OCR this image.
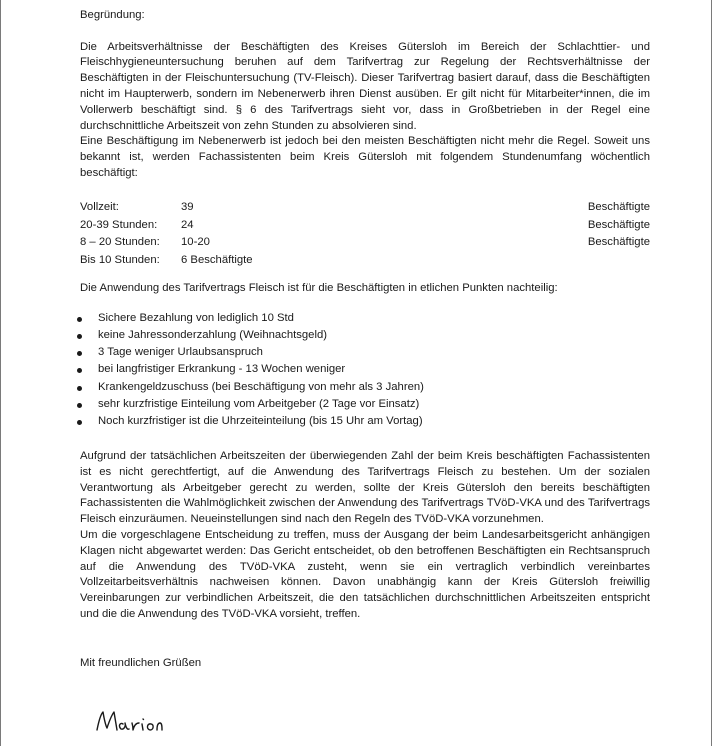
Begründung:

Die Arbeitsverhältnisse der Beschäftigten des Kreises Gütersloh im Bereich der Schlachttier- und Fleischhygieneuntersuchung beruhen auf dem Tarifvertrag zur Regelung der Rechtsverhältnisse der Beschäftigten in der Fleischuntersuchung (TV-Fleisch). Dieser Tarifvertrag basiert darauf, dass die Beschäftigten nicht im Haupterwerb, sondern im Nebenerwerb ihren Dienst ausüben. Er gilt nicht für Mitarbeiter*innen, die im Vollerwerb beschäftigt sind. § 6 des Tarifvertrags sieht vor, dass in Großbetrieben in der Regel eine durchschnittliche Arbeitszeit von zehn Stunden zu absolvieren sind.

Eine Beschäftigung im Nebenerwerb ist jedoch bei den meisten Beschäftigten nicht mehr die Regel. Soweit uns bekannt ist, werden Fachassistenten beim Kreis Gütersloh mit folgendem Stundenumfang wöchentlich beschäftigt:

Vollzeit:	39	Beschäftigte
20-39 Stunden: 24	Beschäftigte
8 – 20 Stunden: 10-20	Beschäftigte
Bis 10 Stunden: 6 Beschäftigte

Die Anwendung des Tarifvertrags Fleisch ist für die Beschäftigten in etlichen Punkten nachteilig:

Sichere Bezahlung von lediglich 10 Std
keine Jahressonderzahlung (Weihnachtsgeld)
3 Tage weniger Urlaubsanspruch
bei langfristiger Erkrankung - 13 Wochen weniger
Krankengeldzuschuss (bei Beschäftigung von mehr als 3 Jahren)
sehr kurzfristige Einteilung vom Arbeitgeber (2 Tage vor Einsatz)
Noch kurzfristiger ist die Uhrzeiteinteilung (bis 15 Uhr am Vortag)

Aufgrund der tatsächlichen Arbeitszeiten der überwiegenden Zahl der beim Kreis beschäftigten Fachassistenten ist es nicht gerechtfertigt, auf die Anwendung des Tarifvertrags Fleisch zu bestehen. Um der sozialen Verantwortung als Arbeitgeber gerecht zu werden, sollte der Kreis Gütersloh den bereits beschäftigten Fachassistenten die Wahlmöglichkeit zwischen der Anwendung des Tarifvertrags TVöD-VKA und des Tarifvertrags Fleisch einzuräumen. Neueinstellungen sind nach den Regeln des TVöD-VKA vorzunehmen.

Um die vorgeschlagene Entscheidung zu treffen, muss der Ausgang der beim Landesarbeitsgericht anhängigen Klagen nicht abgewartet werden: Das Gericht entscheidet, ob den betroffenen Beschäftigten ein Rechtsanspruch auf die Anwendung des TVöD-VKA zusteht, wenn sie ein vertraglich verbindlich vereinbartes Vollzeitarbeitsverhältnis nachweisen können. Davon unabhängig kann der Kreis Gütersloh freiwillig Vereinbarungen zur verbindlichen Arbeitszeit, die den tatsächlichen durchschnittlichen Arbeitszeiten entspricht und die die Anwendung des TVöD-VKA vorsieht, treffen.

Mit freundlichen Grüßen
